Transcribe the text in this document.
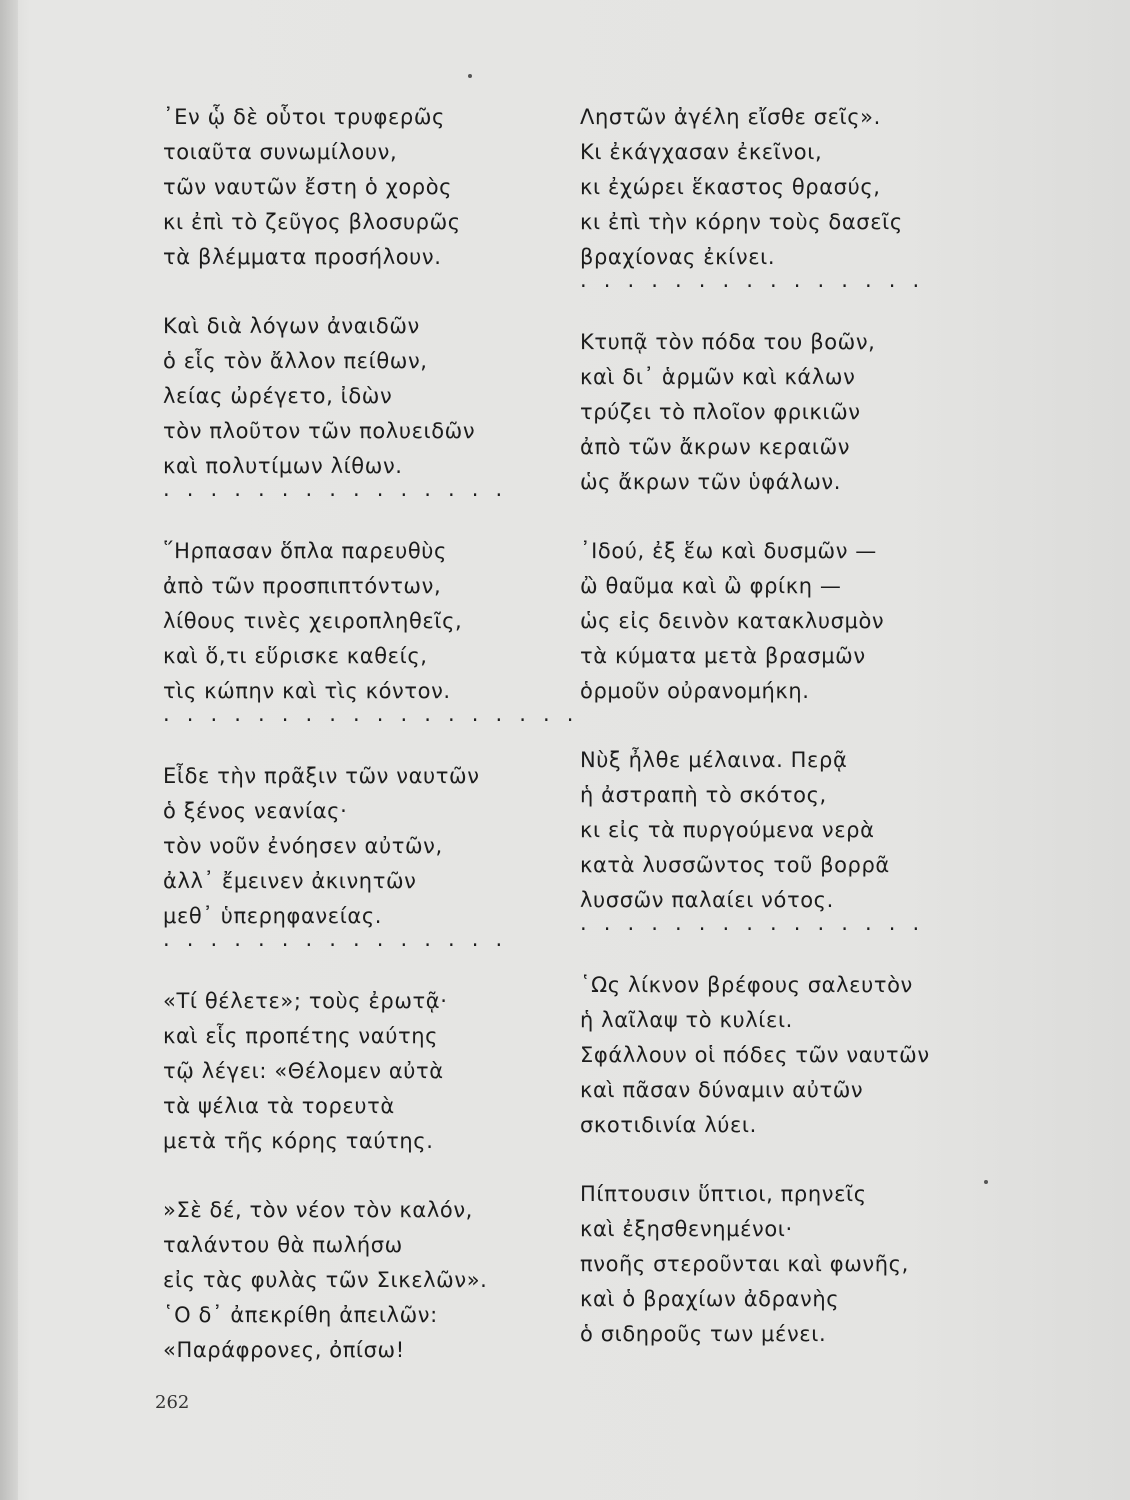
᾿Εν ᾧ δὲ οὗτοι τρυφερῶς
τοιαῦτα συνωμίλουν,
τῶν ναυτῶν ἔστη ὁ χορὸς
κι ἐπὶ τὸ ζεῦγος βλοσυρῶς
τὰ βλέμματα προσήλουν.
Καὶ διὰ λόγων ἀναιδῶν
ὁ εἷς τὸν ἄλλον πείθων,
λείας ὠρέγετο, ἰδὼν
τὸν πλοῦτον τῶν πολυειδῶν
καὶ πολυτίμων λίθων.
. . . . . . . . . . . . . . .
῞Ηρπασαν ὅπλα παρευθὺς
ἀπὸ τῶν προσπιπτόντων,
λίθους τινὲς χειροπληθεῖς,
καὶ ὅ,τι εὕρισκε καθείς,
τὶς κώπην καὶ τὶς κόντον.
. . . . . . . . . . . . . . . . . .
Εἶδε τὴν πρᾶξιν τῶν ναυτῶν
ὁ ξένος νεανίας·
τὸν νοῦν ἐνόησεν αὐτῶν,
ἀλλ᾿ ἔμεινεν ἀκινητῶν
μεθ᾿ ὑπερηφανείας.
. . . . . . . . . . . . . . .
«Τί θέλετε»; τοὺς ἐρωτᾷ·
καὶ εἷς προπέτης ναύτης
τῷ λέγει: «Θέλομεν αὐτὰ
τὰ ψέλια τὰ τορευτὰ
μετὰ τῆς κόρης ταύτης.
»Σὲ δέ, τὸν νέον τὸν καλόν,
ταλάντου θὰ πωλήσω
εἰς τὰς φυλὰς τῶν Σικελῶν».
῾Ο δ᾿ ἀπεκρίθη ἀπειλῶν:
«Παράφρονες, ὀπίσω!
Ληστῶν ἀγέλη εἴσθε σεῖς».
Κι ἐκάγχασαν ἐκεῖνοι,
κι ἐχώρει ἕκαστος θρασύς,
κι ἐπὶ τὴν κόρην τοὺς δασεῖς
βραχίονας ἐκίνει.
. . . . . . . . . . . . . . .
Κτυπᾷ τὸν πόδα του βοῶν,
καὶ δι᾿ ἁρμῶν καὶ κάλων
τρύζει τὸ πλοῖον φρικιῶν
ἀπὸ τῶν ἄκρων κεραιῶν
ὡς ἄκρων τῶν ὑφάλων.
᾿Ιδού, ἐξ ἕω καὶ δυσμῶν —
ὢ θαῦμα καὶ ὢ φρίκη —
ὡς εἰς δεινὸν κατακλυσμὸν
τὰ κύματα μετὰ βρασμῶν
ὁρμοῦν οὐρανομήκη.
Νὺξ ἦλθε μέλαινα. Περᾷ
ἡ ἀστραπὴ τὸ σκότος,
κι εἰς τὰ πυργούμενα νερὰ
κατὰ λυσσῶντος τοῦ βορρᾶ
λυσσῶν παλαίει νότος.
. . . . . . . . . . . . . . .
῾Ως λίκνον βρέφους σαλευτὸν
ἡ λαῖλαψ τὸ κυλίει.
Σφάλλουν οἱ πόδες τῶν ναυτῶν
καὶ πᾶσαν δύναμιν αὐτῶν
σκοτιδινία λύει.
Πίπτουσιν ὕπτιοι, πρηνεῖς
καὶ ἐξησθενημένοι·
πνοῆς στεροῦνται καὶ φωνῆς,
καὶ ὁ βραχίων ἀδρανὴς
ὁ σιδηροῦς των μένει.
262
